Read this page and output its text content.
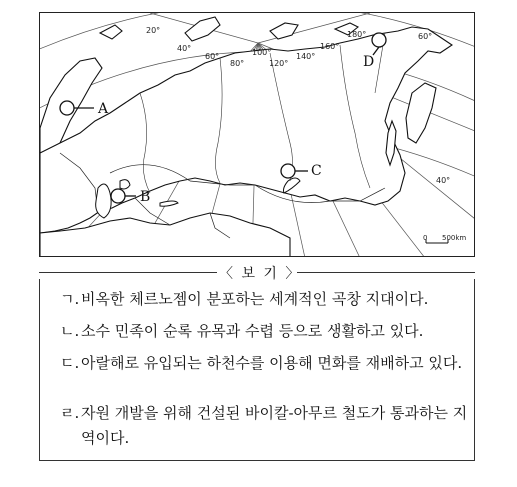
A
B
C
D
20°
40°
60°
80°
100°
120°
140°
160°
180°	60°
40°
0 500km
〈 보 기 〉
ㄱ. 비옥한 체르노젬이 분포하는 세계적인 곡창 지대이다.
ㄴ. 소수 민족이 순록 유목과 수렵 등으로 생활하고 있다.
ㄷ. 아랄해로 유입되는 하천수를 이용해 면화를 재배하고 있다.
ㄹ. 자원 개발을 위해 건설된 바이칼-아무르 철도가 통과하는 지역이다.
